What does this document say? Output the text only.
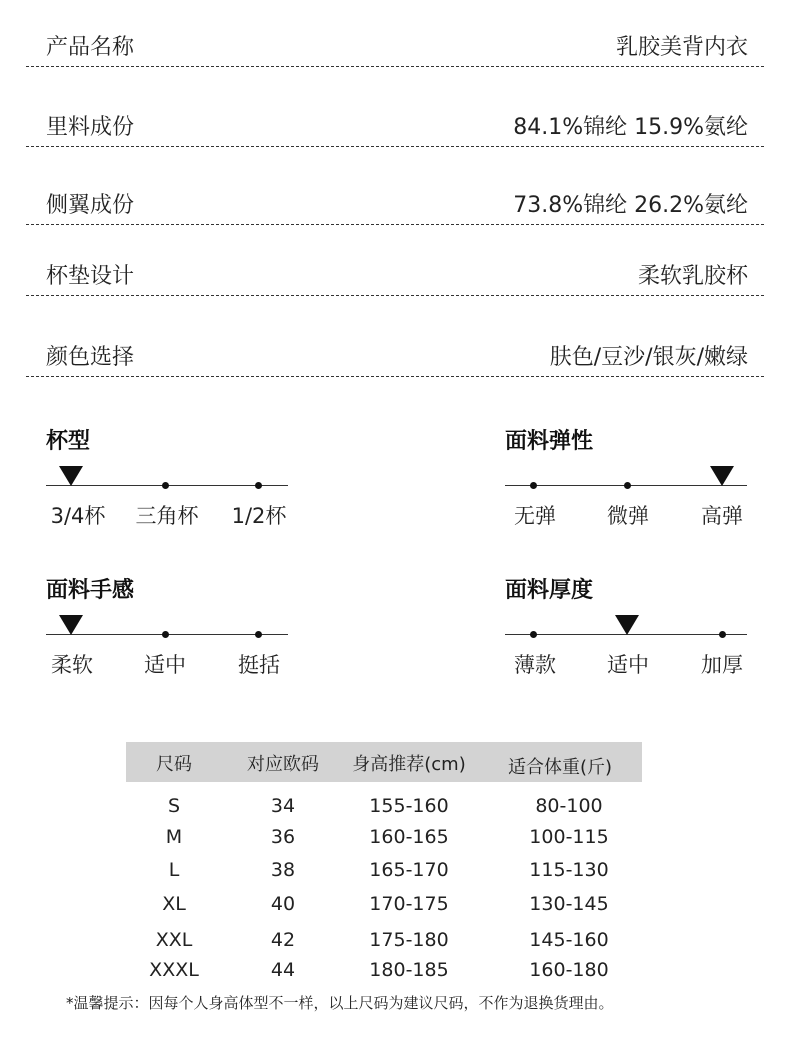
产品名称	乳胶美背内衣
里料成份	84.1%锦纶 15.9%氨纶
侧翼成份	73.8%锦纶 26.2%氨纶
杯垫设计	柔软乳胶杯
颜色选择	肤色/豆沙/银灰/嫩绿
杯型
3/4杯 三角杯 1/2杯
面料弹性
无弹 微弹 高弹
面料手感
柔软 适中 挺括
面料厚度
薄款 适中 加厚
尺码	对应欧码 身高推荐(cm) 适合体重(斤)
S	34	155-160	80-100
M	36	160-165	100-115
L	38	165-170	115-130
XL	40	170-175	130-145
XXL	42	175-180	145-160
XXXL	44	180-185	160-180
*温馨提示：因每个人身高体型不一样，以上尺码为建议尺码，不作为退换货理由。
